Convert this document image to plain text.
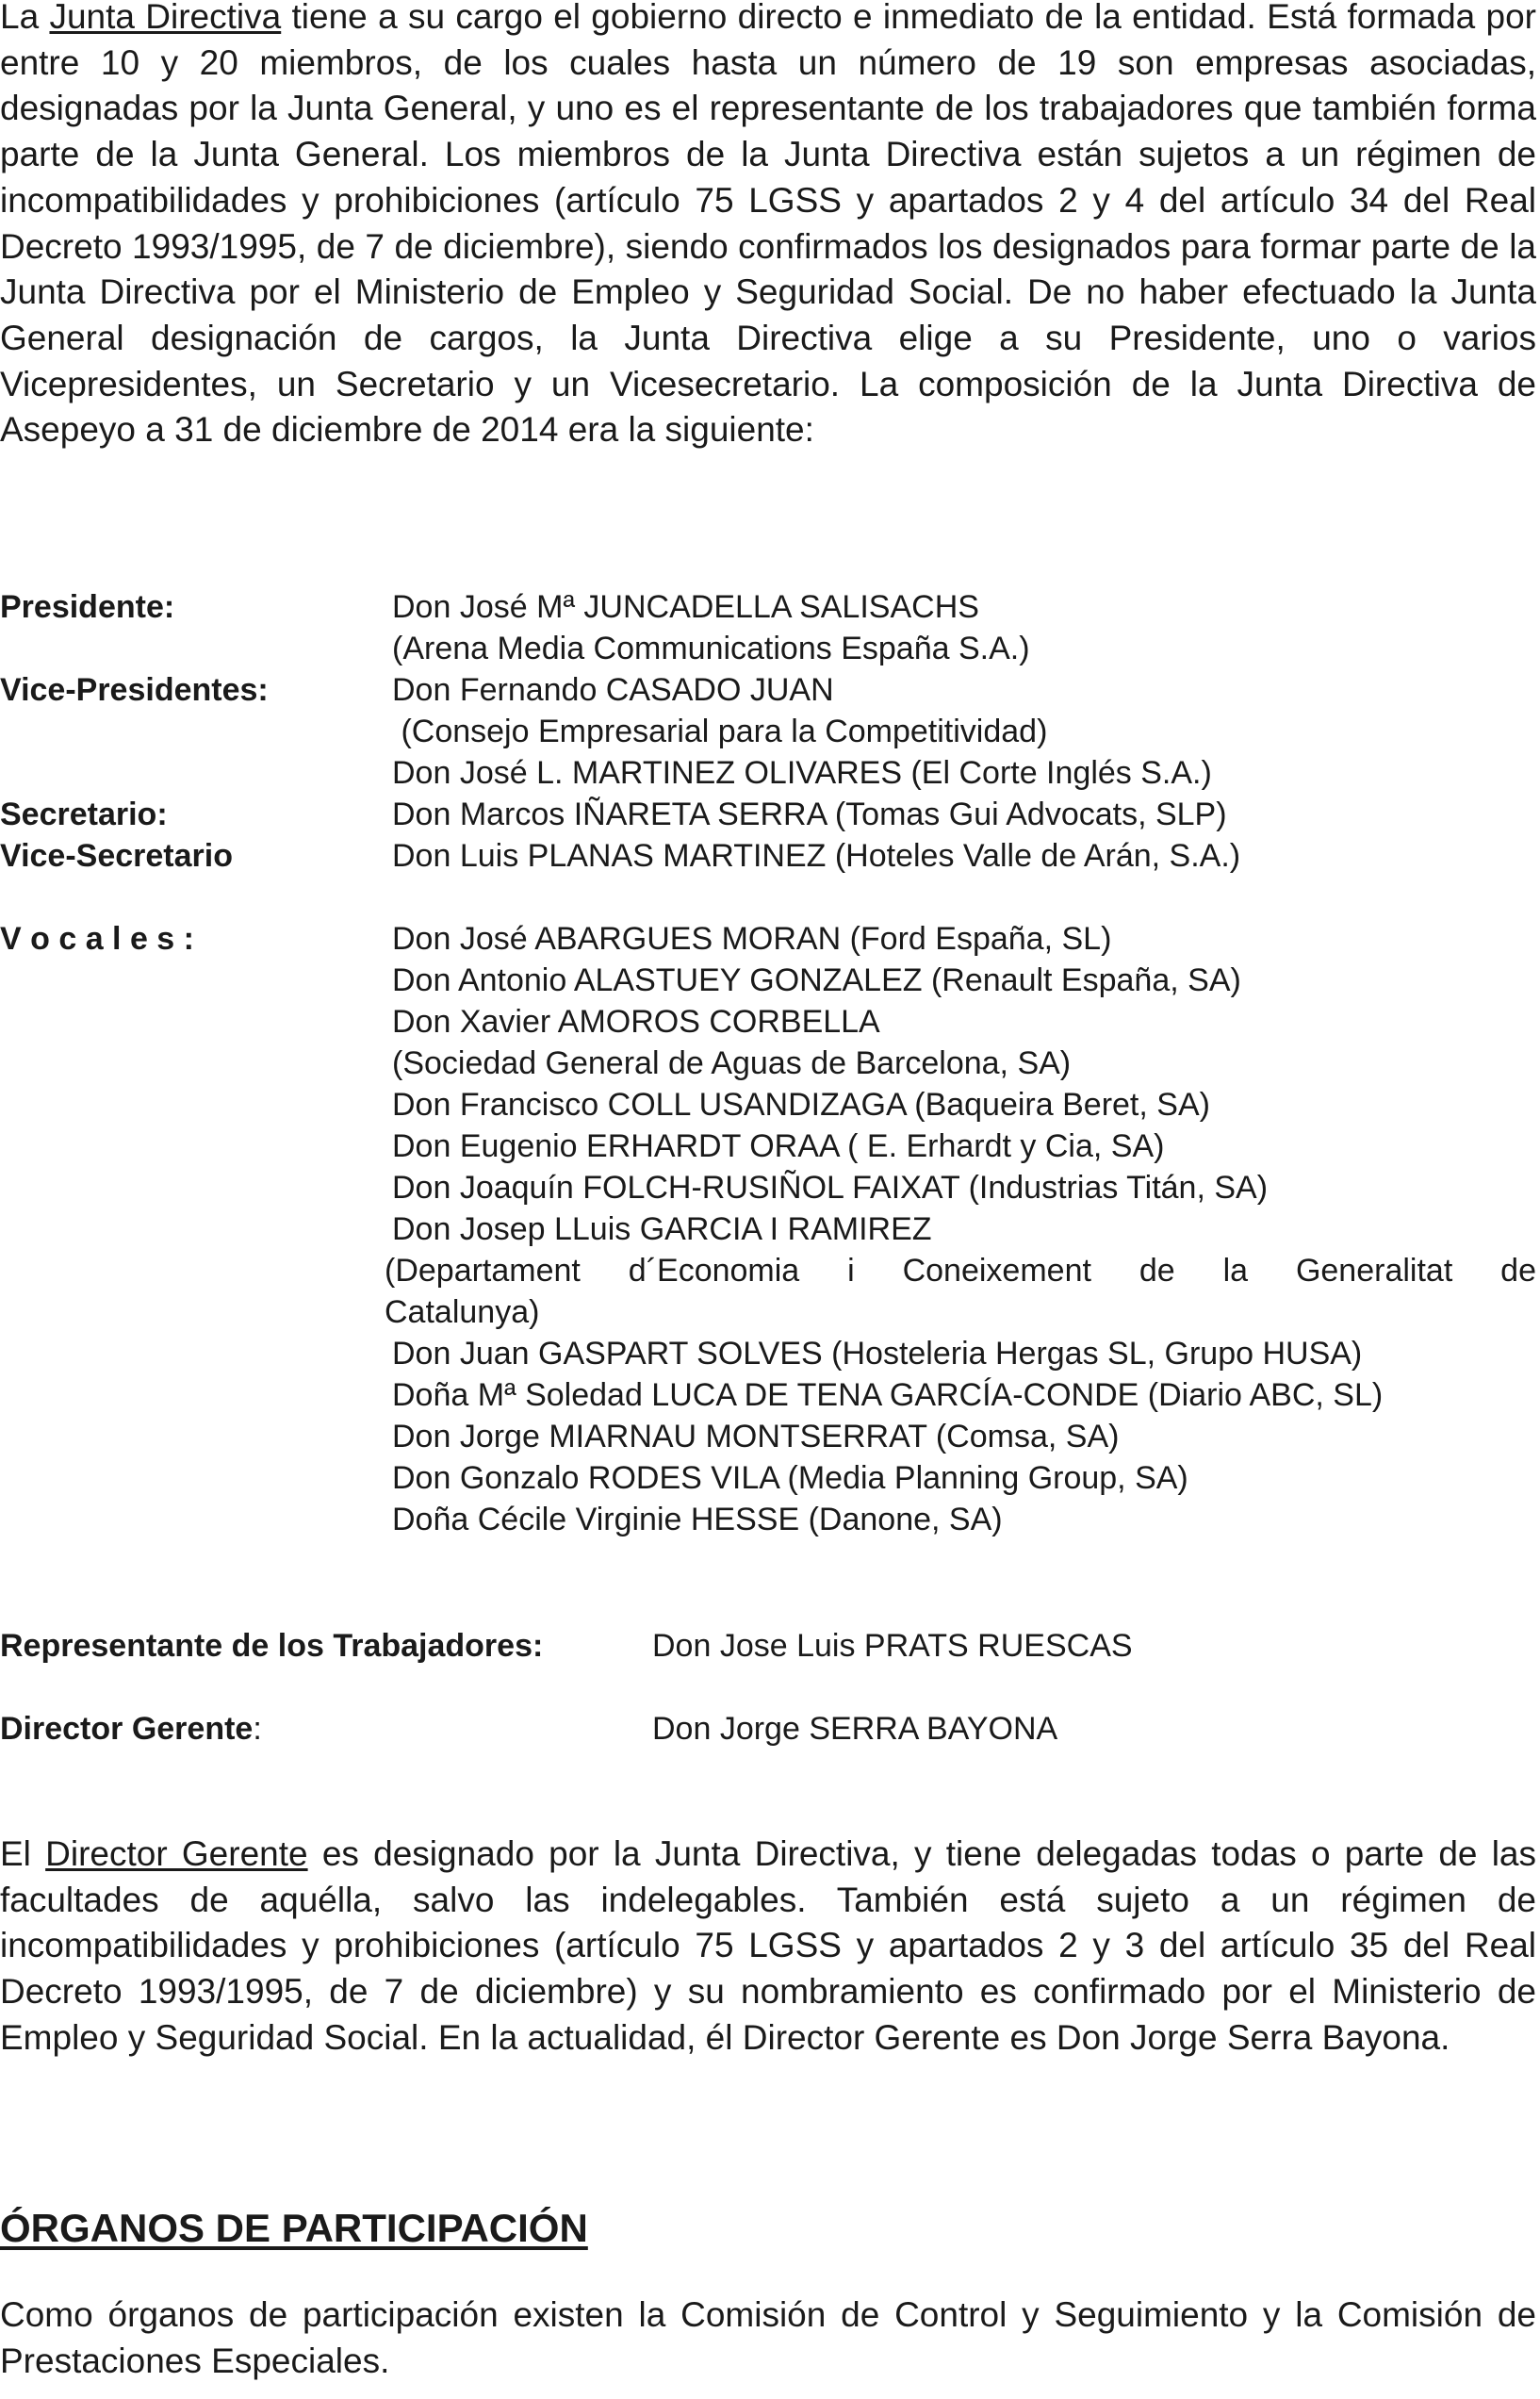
La Junta Directiva tiene a su cargo el gobierno directo e inmediato de la entidad. Está formada por entre 10 y 20 miembros, de los cuales hasta un número de 19 son empresas asociadas, designadas por la Junta General, y uno es el representante de los trabajadores que también forma parte de la Junta General. Los miembros de la Junta Directiva están sujetos a un régimen de incompatibilidades y prohibiciones (artículo 75 LGSS y apartados 2 y 4 del artículo 34 del Real Decreto 1993/1995, de 7 de diciembre), siendo confirmados los designados para formar parte de la Junta Directiva por el Ministerio de Empleo y Seguridad Social. De no haber efectuado la Junta General designación de cargos, la Junta Directiva elige a su Presidente, uno o varios Vicepresidentes, un Secretario y un Vicesecretario. La composición de la Junta Directiva de Asepeyo a 31 de diciembre de 2014 era la siguiente:

Presidente:	Don José Mª JUNCADELLA SALISACHS
(Arena Media Communications España S.A.)
Vice-Presidentes:	Don Fernando CASADO JUAN
(Consejo Empresarial para la Competitividad)
Don José L. MARTINEZ OLIVARES (El Corte Inglés S.A.)
Secretario:	Don Marcos IÑARETA SERRA (Tomas Gui Advocats, SLP)
Vice-Secretario	Don Luis PLANAS MARTINEZ (Hoteles Valle de Arán, S.A.)
V o c a l e s :	Don José ABARGUES MORAN (Ford España, SL)
Don Antonio ALASTUEY GONZALEZ (Renault España, SA)
Don Xavier AMOROS CORBELLA
(Sociedad General de Aguas de Barcelona, SA)
Don Francisco COLL USANDIZAGA (Baqueira Beret, SA)
Don Eugenio ERHARDT ORAA ( E. Erhardt y Cia, SA)
Don Joaquín FOLCH-RUSIÑOL FAIXAT (Industrias Titán, SA)
Don Josep LLuis GARCIA I RAMIREZ
(Departament d´Economia i Coneixement de la Generalitat de
Catalunya)
Don Juan GASPART SOLVES (Hosteleria Hergas SL, Grupo HUSA)
Doña Mª Soledad LUCA DE TENA GARCÍA-CONDE (Diario ABC, SL)
Don Jorge MIARNAU MONTSERRAT (Comsa, SA)
Don Gonzalo RODES VILA (Media Planning Group, SA)
Doña Cécile Virginie HESSE (Danone, SA)
Representante de los Trabajadores:	Don Jose Luis PRATS RUESCAS
Director Gerente:	Don Jorge SERRA BAYONA

El Director Gerente es designado por la Junta Directiva, y tiene delegadas todas o parte de las facultades de aquélla, salvo las indelegables. También está sujeto a un régimen de incompatibilidades y prohibiciones (artículo 75 LGSS y apartados 2 y 3 del artículo 35 del Real Decreto 1993/1995, de 7 de diciembre) y su nombramiento es confirmado por el Ministerio de Empleo y Seguridad Social. En la actualidad, él Director Gerente es Don Jorge Serra Bayona.

ÓRGANOS DE PARTICIPACIÓN

Como órganos de participación existen la Comisión de Control y Seguimiento y la Comisión de Prestaciones Especiales.
